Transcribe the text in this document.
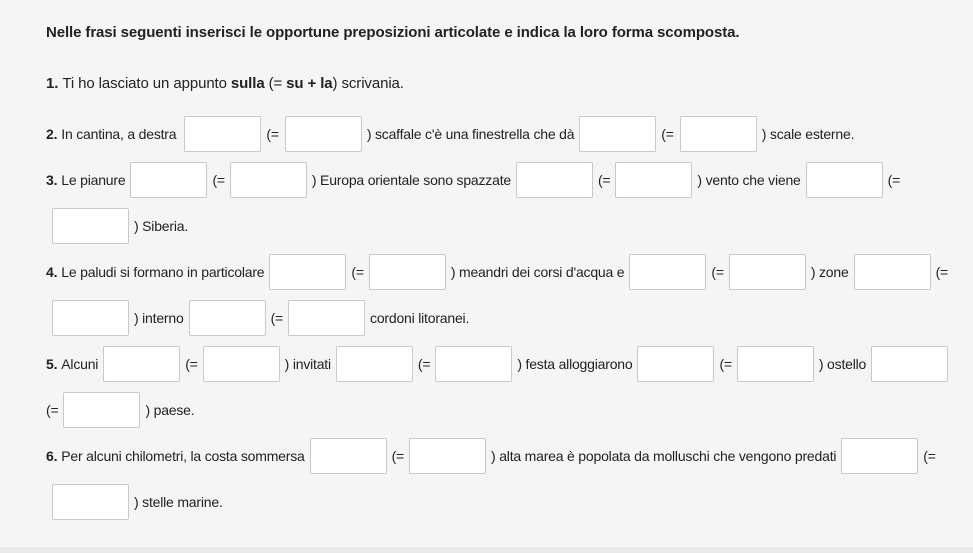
Nelle frasi seguenti inserisci le opportune preposizioni articolate e indica la loro forma scomposta.
1. Ti ho lasciato un appunto sulla (= su + la ) scrivania.
2. In cantina, a destra	(=	) scaffale c'è una finestrella che dà	(=	) scale esterne.
3. Le pianure	(=	) Europa orientale sono spazzate	(=	) vento che viene	(=
) Siberia.
4. Le paludi si formano in particolare	(=	) meandri dei corsi d'acqua e	(=	) zone	(=
) interno	(=	cordoni litoranei.
5. Alcuni	(=	) invitati	(=	) festa alloggiarono	(=	) ostello
(=	) paese.
6. Per alcuni chilometri, la costa sommersa	(=	) alta marea è popolata da molluschi che vengono predati	(=
) stelle marine.
